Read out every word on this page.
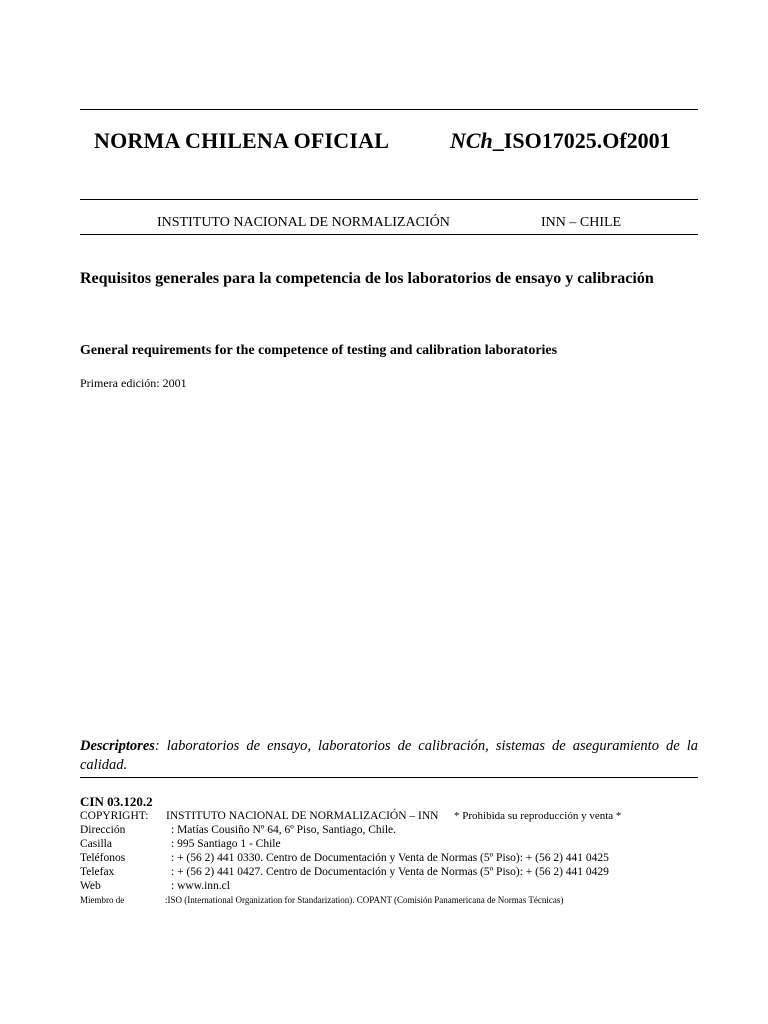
NORMA CHILENA OFICIAL	NCh_ISO17025.Of2001
INSTITUTO NACIONAL DE NORMALIZACIÓN	INN – CHILE
Requisitos generales para la competencia de los laboratorios de ensayo y calibración
General requirements for the competence of testing and calibration laboratories
Primera edición: 2001
Descriptores: laboratorios de ensayo, laboratorios de calibración, sistemas de aseguramiento de la calidad.
CIN 03.120.2
COPYRIGHT: INSTITUTO NACIONAL DE NORMALIZACIÓN – INN * Prohibida su reproducción y venta *
Dirección	: Matías Cousiño Nº 64, 6º Piso, Santiago, Chile.
Casilla	: 995 Santiago 1 - Chile
Teléfonos	: + (56 2) 441 0330. Centro de Documentación y Venta de Normas (5º Piso): + (56 2) 441 0425
Telefax	: + (56 2) 441 0427. Centro de Documentación y Venta de Normas (5º Piso): + (56 2) 441 0429
Web	: www.inn.cl
Miembro de	:ISO (International Organization for Standarization). COPANT (Comisión Panamericana de Normas Técnicas)
